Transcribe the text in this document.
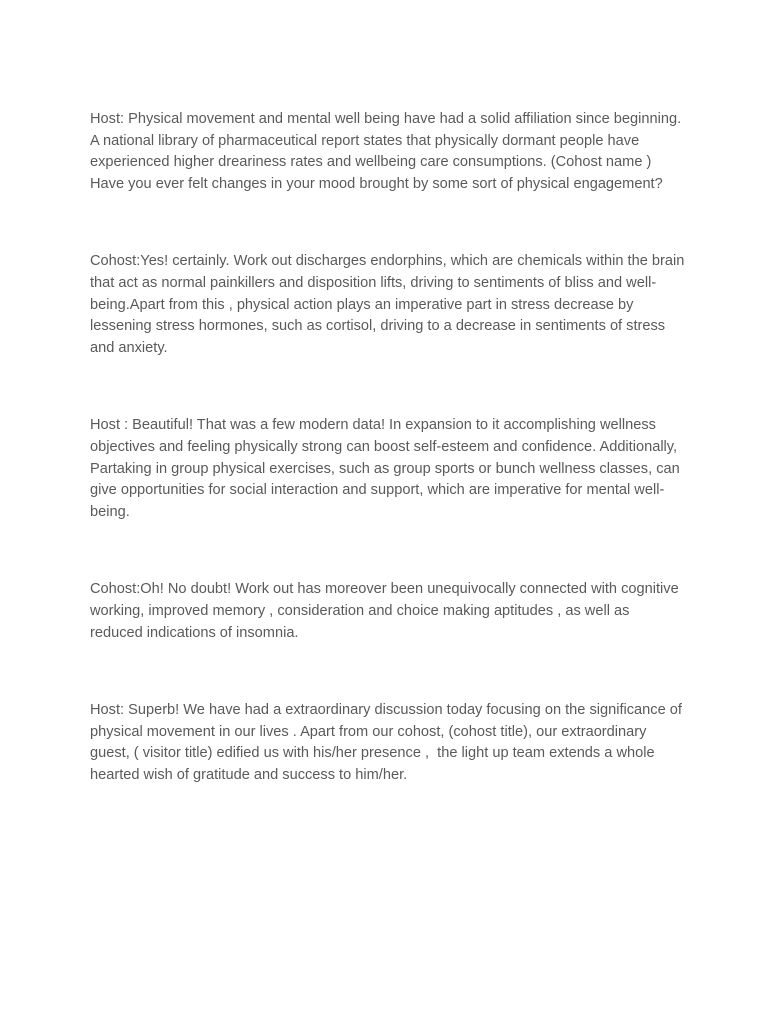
Host: Physical movement and mental well being have had a solid affiliation since beginning. A national library of pharmaceutical report states that physically dormant people have experienced higher dreariness rates and wellbeing care consumptions. (Cohost name ) Have you ever felt changes in your mood brought by some sort of physical engagement?

Cohost:Yes! certainly. Work out discharges endorphins, which are chemicals within the brain that act as normal painkillers and disposition lifts, driving to sentiments of bliss and well-being.Apart from this , physical action plays an imperative part in stress decrease by lessening stress hormones, such as cortisol, driving to a decrease in sentiments of stress and anxiety.

Host : Beautiful! That was a few modern data! In expansion to it accomplishing wellness objectives and feeling physically strong can boost self-esteem and confidence. Additionally, Partaking in group physical exercises, such as group sports or bunch wellness classes, can give opportunities for social interaction and support, which are imperative for mental well-being.

Cohost:Oh! No doubt! Work out has moreover been unequivocally connected with cognitive working, improved memory , consideration and choice making aptitudes , as well as reduced indications of insomnia.

Host: Superb! We have had a extraordinary discussion today focusing on the significance of physical movement in our lives . Apart from our cohost, (cohost title), our extraordinary guest, ( visitor title) edified us with his/her presence ,  the light up team extends a whole hearted wish of gratitude and success to him/her.
